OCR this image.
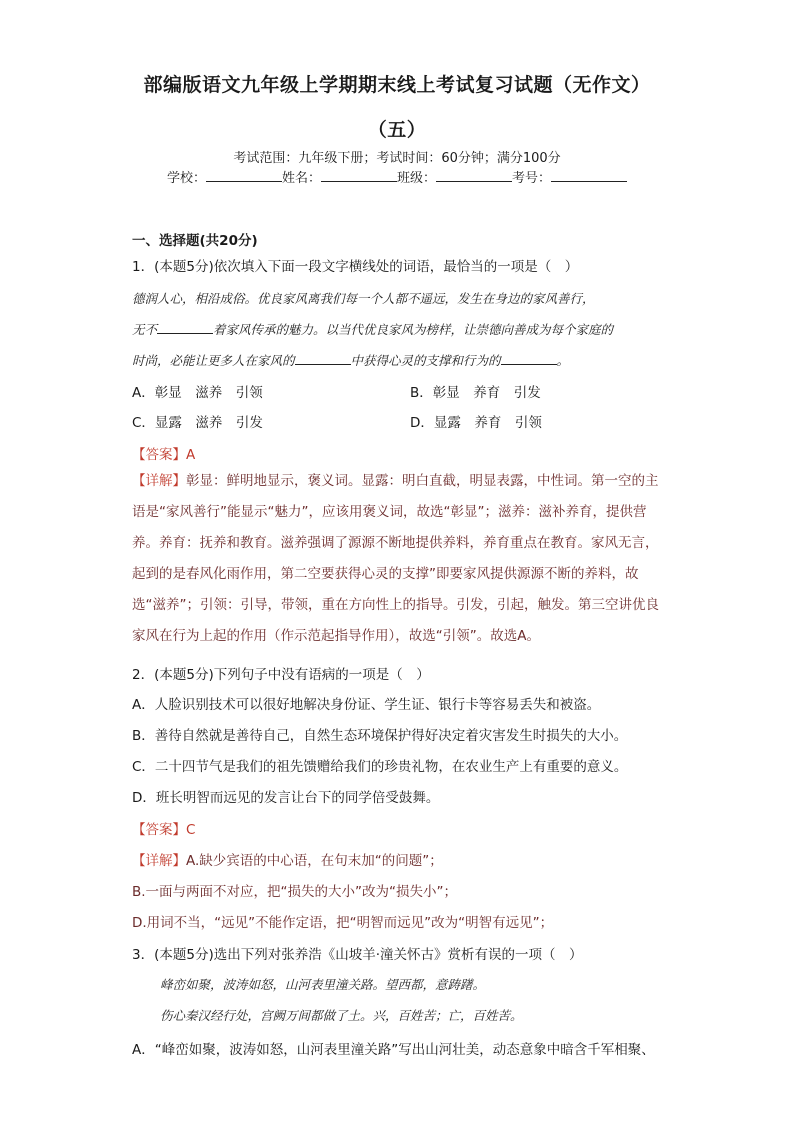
部编版语文九年级上学期期末线上考试复习试题（无作文）
（五）
考试范围：九年级下册；考试时间：60分钟；满分100分
学校：	姓名：	班级：	考号：
一、选择题(共20分)
1．(本题5分)依次填入下面一段文字横线处的词语，最恰当的一项是（　）
德润人心，相沿成俗。优良家风离我们每一个人都不遥远，发生在身边的家风善行，
无不	着家风传承的魅力。以当代优良家风为榜样，让崇德向善成为每个家庭的
时尚，必能让更多人在家风的	中获得心灵的支撑和行为的	。
A．彰显　滋养　引领	B．彰显　养育　引发
C．显露　滋养　引发	D．显露　养育　引领
【答案】A
【详解】彰显：鲜明地显示，褒义词。显露：明白直截，明显表露，中性词。第一空的主语是“家风善行”能显示“魅力”，应该用褒义词，故选“彰显”；滋养：滋补养育，提供营养。养育：抚养和教育。滋养强调了源源不断地提供养料，养育重点在教育。家风无言，起到的是春风化雨作用，第二空要获得心灵的支撑”即要家风提供源源不断的养料，故选“滋养”；引领：引导，带领，重在方向性上的指导。引发，引起，触发。第三空讲优良家风在行为上起的作用（作示范起指导作用），故选“引领”。故选A。
2．(本题5分)下列句子中没有语病的一项是（　）
A．人脸识别技术可以很好地解决身份证、学生证、银行卡等容易丢失和被盗。
B．善待自然就是善待自己，自然生态环境保护得好决定着灾害发生时损失的大小。
C．二十四节气是我们的祖先馈赠给我们的珍贵礼物，在农业生产上有重要的意义。
D．班长明智而远见的发言让台下的同学倍受鼓舞。
【答案】C
【详解】A.缺少宾语的中心语，在句末加“的问题”；
B.一面与两面不对应，把“损失的大小”改为“损失小”；
D.用词不当，“远见”不能作定语，把“明智而远见”改为“明智有远见”；
3．(本题5分)选出下列对张养浩《山坡羊·潼关怀古》赏析有误的一项（　）
峰峦如聚，波涛如怒，山河表里潼关路。望西都，意踌躇。
伤心秦汉经行处，宫阙万间都做了土。兴，百姓苦；亡，百姓苦。
A．“峰峦如聚，波涛如怒，山河表里潼关路”写出山河壮美，动态意象中暗含千军相聚、
